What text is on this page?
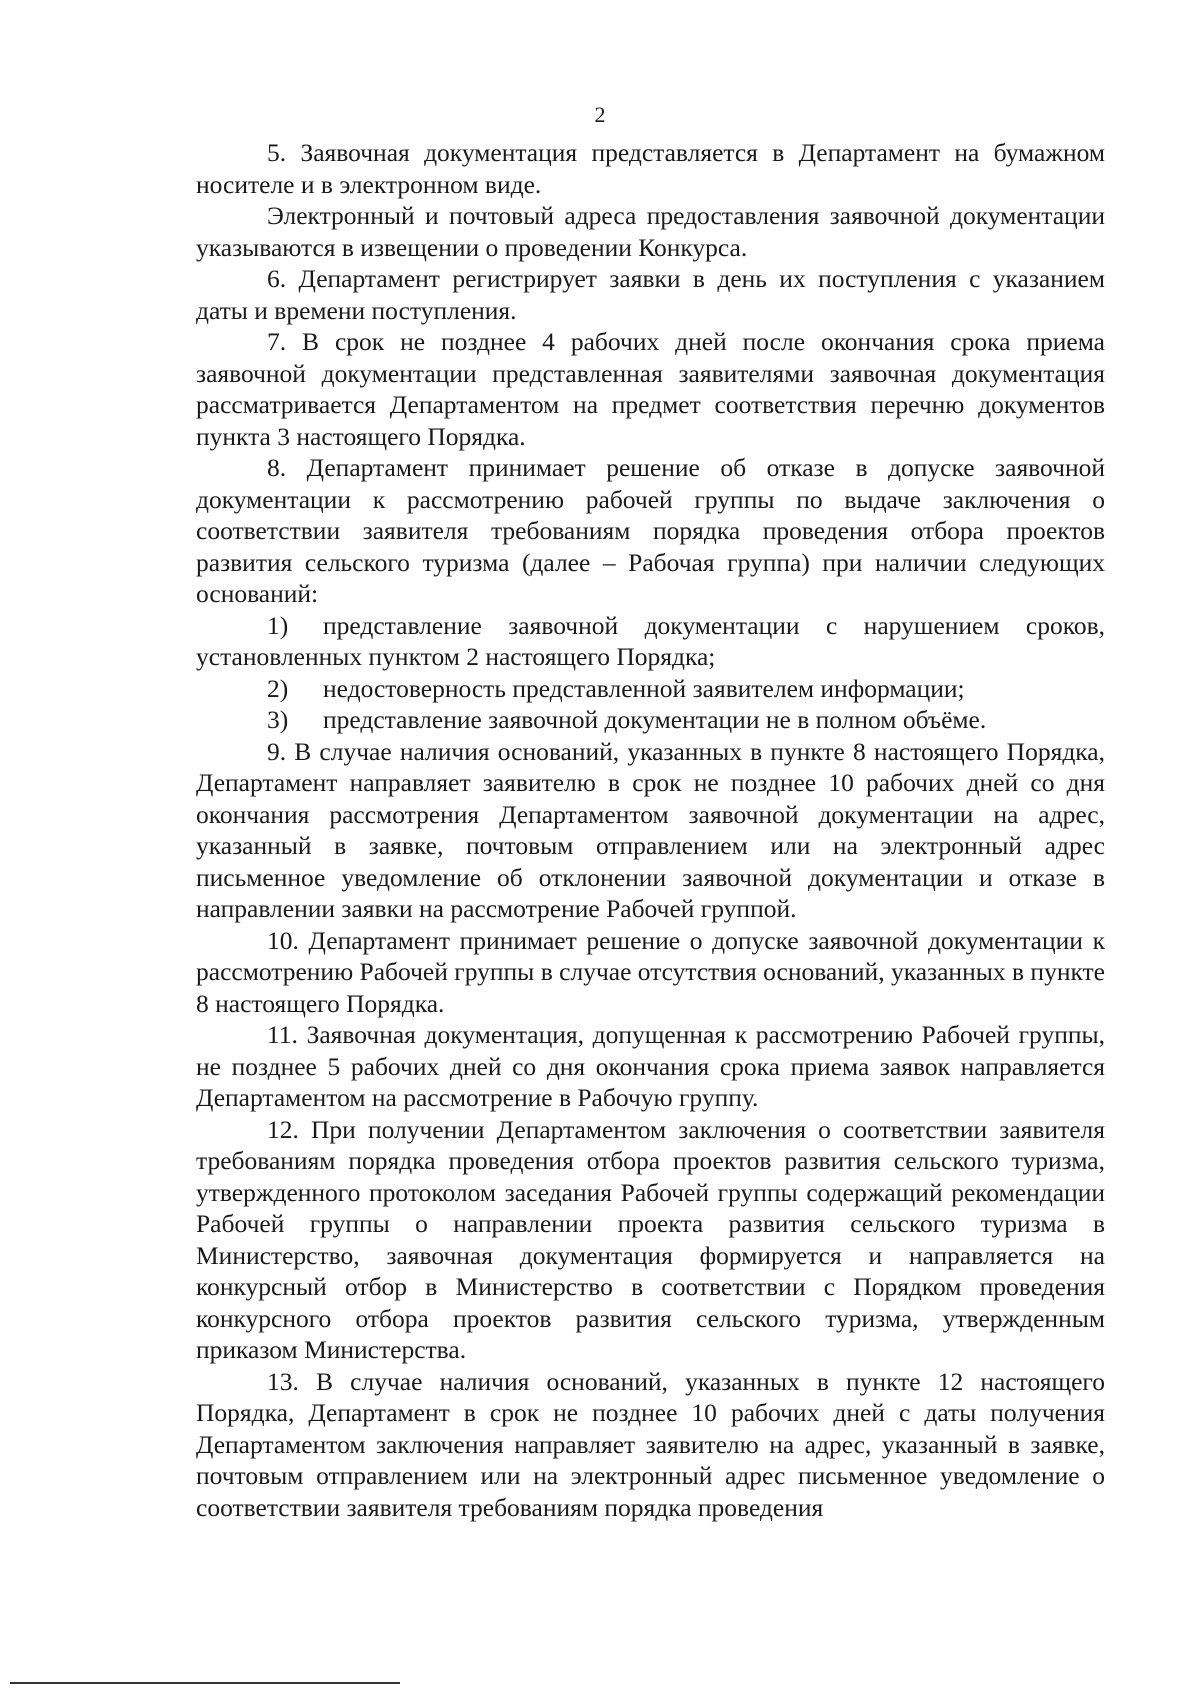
2

5. Заявочная документация представляется в Департамент на бумажном носителе и в электронном виде.

Электронный и почтовый адреса предоставления заявочной документации указываются в извещении о проведении Конкурса.

6. Департамент регистрирует заявки в день их поступления с указанием даты и времени поступления.

7. В срок не позднее 4 рабочих дней после окончания срока приема заявочной документации представленная заявителями заявочная документация рассматривается Департаментом на предмет соответствия перечню документов пункта 3 настоящего Порядка.

8. Департамент принимает решение об отказе в допуске заявочной документации к рассмотрению рабочей группы по выдаче заключения о соответствии заявителя требованиям порядка проведения отбора проектов развития сельского туризма (далее – Рабочая группа) при наличии следующих оснований:

1) представление заявочной документации с нарушением сроков, установленных пунктом 2 настоящего Порядка;

2) недостоверность представленной заявителем информации;

3) представление заявочной документации не в полном объёме.

9. В случае наличия оснований, указанных в пункте 8 настоящего Порядка, Департамент направляет заявителю в срок не позднее 10 рабочих дней со дня окончания рассмотрения Департаментом заявочной документации на адрес, указанный в заявке, почтовым отправлением или на электронный адрес письменное уведомление об отклонении заявочной документации и отказе в направлении заявки на рассмотрение Рабочей группой.

10. Департамент принимает решение о допуске заявочной документации к рассмотрению Рабочей группы в случае отсутствия оснований, указанных в пункте 8 настоящего Порядка.

11. Заявочная документация, допущенная к рассмотрению Рабочей группы, не позднее 5 рабочих дней со дня окончания срока приема заявок направляется Департаментом на рассмотрение в Рабочую группу.

12. При получении Департаментом заключения о соответствии заявителя требованиям порядка проведения отбора проектов развития сельского туризма, утвержденного протоколом заседания Рабочей группы содержащий рекомендации Рабочей группы о направлении проекта развития сельского туризма в Министерство, заявочная документация формируется и направляется на конкурсный отбор в Министерство в соответствии с Порядком проведения конкурсного отбора проектов развития сельского туризма, утвержденным приказом Министерства.

13. В случае наличия оснований, указанных в пункте 12 настоящего Порядка, Департамент в срок не позднее 10 рабочих дней с даты получения Департаментом заключения направляет заявителю на адрес, указанный в заявке, почтовым отправлением или на электронный адрес письменное уведомление о соответствии заявителя требованиям порядка проведения
